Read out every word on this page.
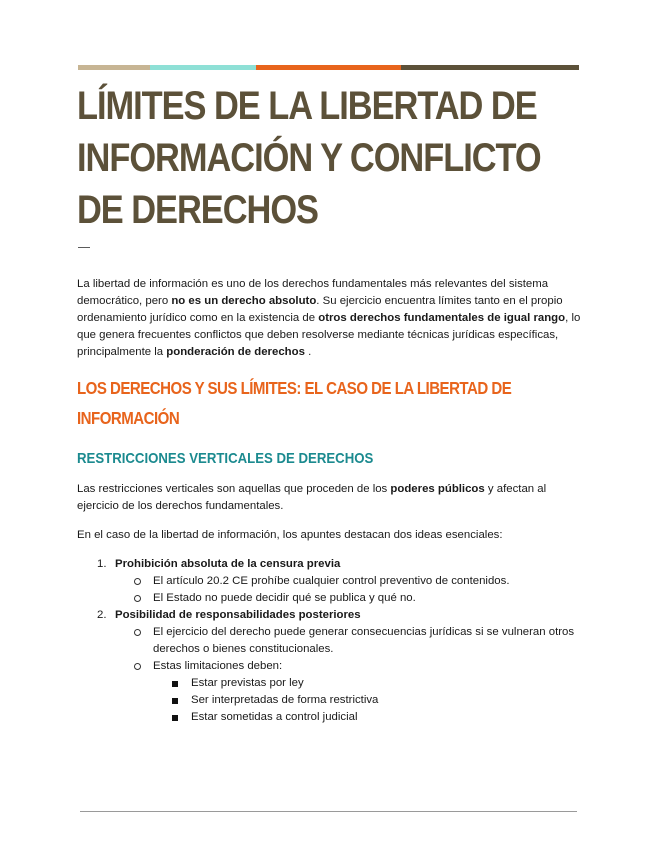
LÍMITES DE LA LIBERTAD DE INFORMACIÓN Y CONFLICTO DE DERECHOS

La libertad de información es uno de los derechos fundamentales más relevantes del sistema democrático, pero no es un derecho absoluto. Su ejercicio encuentra límites tanto en el propio ordenamiento jurídico como en la existencia de otros derechos fundamentales de igual rango, lo que genera frecuentes conflictos que deben resolverse mediante técnicas jurídicas específicas, principalmente la ponderación de derechos .

LOS DERECHOS Y SUS LÍMITES: EL CASO DE LA LIBERTAD DE INFORMACIÓN
RESTRICCIONES VERTICALES DE DERECHOS

Las restricciones verticales son aquellas que proceden de los poderes públicos y afectan al ejercicio de los derechos fundamentales.

En el caso de la libertad de información, los apuntes destacan dos ideas esenciales:

1. Prohibición absoluta de la censura previa
El artículo 20.2 CE prohíbe cualquier control preventivo de contenidos.
El Estado no puede decidir qué se publica y qué no.
2. Posibilidad de responsabilidades posteriores
El ejercicio del derecho puede generar consecuencias jurídicas si se vulneran otros derechos o bienes constitucionales.
Estas limitaciones deben:
Estar previstas por ley
Ser interpretadas de forma restrictiva
Estar sometidas a control judicial
